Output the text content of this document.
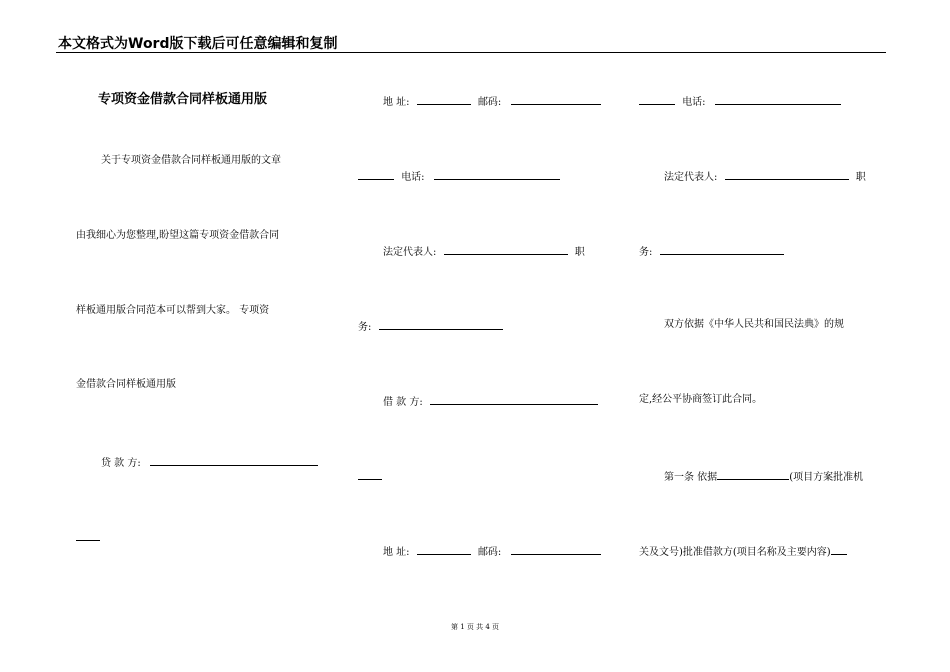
本文格式为Word版下载后可任意编辑和复制
专项资金借款合同样板通用版
关于专项资金借款合同样板通用版的文章
由我细心为您整理,盼望这篇专项资金借款合同
样板通用版合同范本可以帮到大家。 专项资
金借款合同样板通用版
贷 款 方:
地 址:	邮码:
电话:
法定代表人:	职
务:
借 款 方:
地 址:	邮码:
电话:
法定代表人:	职
务:
双方依据《中华人民共和国民法典》的规
定,经公平协商签订此合同。
第一条 依据	(项目方案批准机
关及文号)批准借款方(项目名称及主要内容)
第 1 页 共 4 页
